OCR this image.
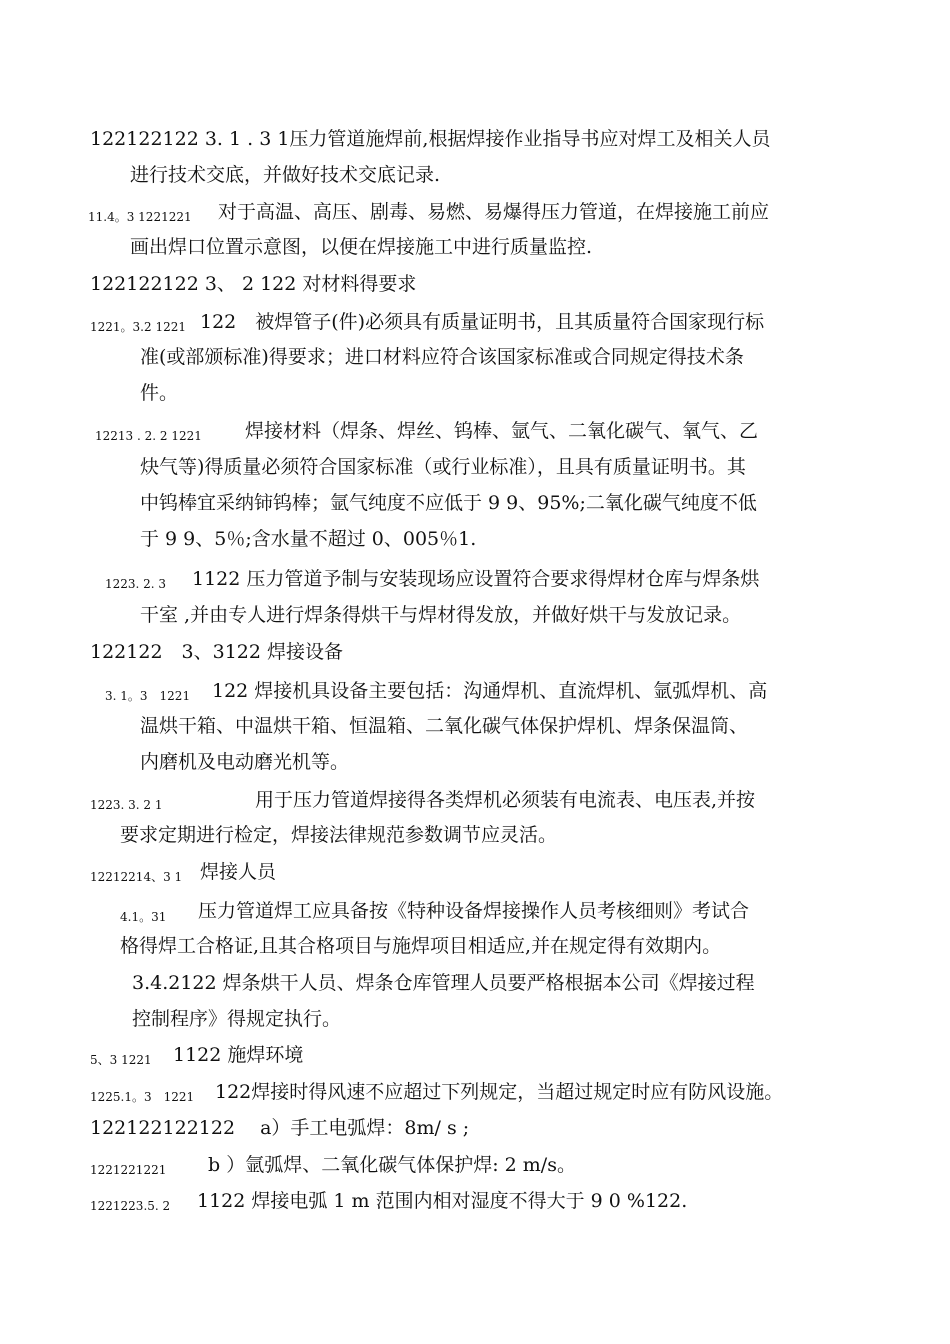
122122122 3. 1 . 3 1压力管道施焊前,根据焊接作业指导书应对焊工及相关人员
进行技术交底，并做好技术交底记录.
11.4。3 1221221 对于高温、高压、剧毒、易燃、易爆得压力管道，在焊接施工前应
画出焊口位置示意图，以便在焊接施工中进行质量监控.
122122122 3、 2 122 对材料得要求
1221。3.2 1221 122　被焊管子(件)必须具有质量证明书，且其质量符合国家现行标
准(或部颁标准)得要求；进口材料应符合该国家标准或合同规定得技术条
件。
12213 . 2. 2 1221 焊接材料（焊条、焊丝、钨棒、氩气、二氧化碳气、氧气、乙
炔气等)得质量必须符合国家标准（或行业标准），且具有质量证明书。其
中钨棒宜采纳铈钨棒；氩气纯度不应低于 9 9、95%;二氧化碳气纯度不低
于 9 9、5％;含水量不超过 0、005％1.
1223. 2. 3 1122 压力管道予制与安装现场应设置符合要求得焊材仓库与焊条烘
干室 ,并由专人进行焊条得烘干与焊材得发放，并做好烘干与发放记录。
122122　3、3122 焊接设备
3. 1。3　1221 122 焊接机具设备主要包括：沟通焊机、直流焊机、氩弧焊机、高
温烘干箱、中温烘干箱、恒温箱、二氧化碳气体保护焊机、焊条保温筒、
内磨机及电动磨光机等。
1223. 3. 2 1	用于压力管道焊接得各类焊机必须装有电流表、电压表,并按
要求定期进行检定，焊接法律规范参数调节应灵活。
12212214、3 1 焊接人员
4.1。31 压力管道焊工应具备按《特种设备焊接操作人员考核细则》考试合
格得焊工合格证,且其合格项目与施焊项目相适应,并在规定得有效期内。
3.4.2122 焊条烘干人员、焊条仓库管理人员要严格根据本公司《焊接过程
控制程序》得规定执行。
5、3 1221 1122 施焊环境
1225.1。3　1221 122焊接时得风速不应超过下列规定，当超过规定时应有防风设施。
122122122122　 a）手工电弧焊：8m/ s ;
1221221221 b ）氩弧焊、二氧化碳气体保护焊: 2 m/s。
1221223.5. 2 1122 焊接电弧 1 m 范围内相对湿度不得大于 9 0 %122.
